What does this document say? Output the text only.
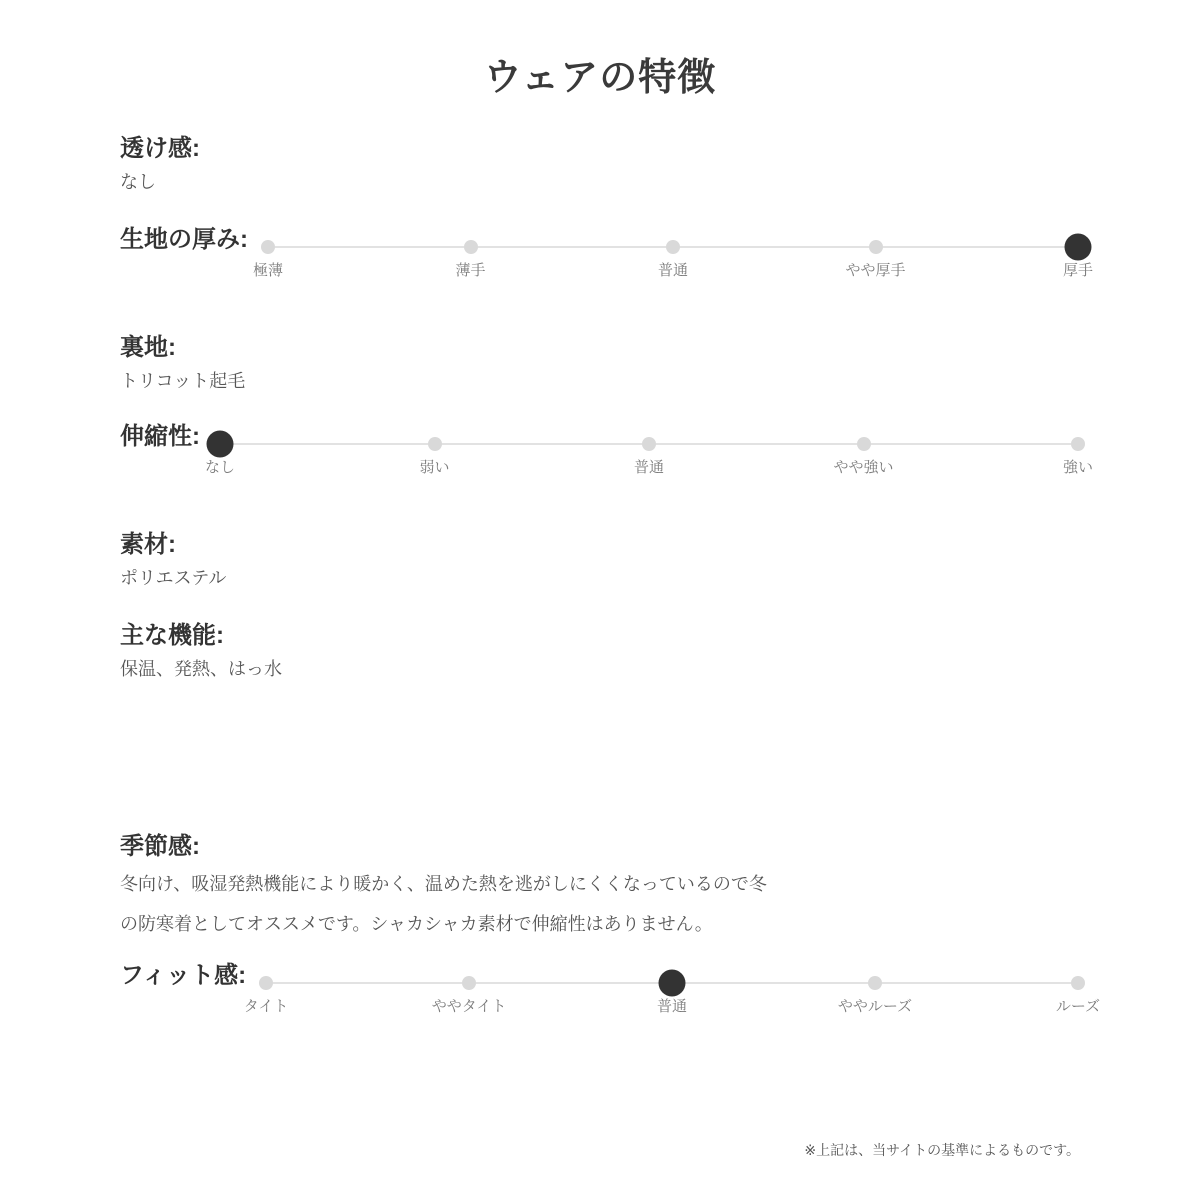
ウェアの特徴
透け感:
なし
生地の厚み:
極薄	薄手	普通	やや厚手	厚手
裏地:
トリコット起毛
伸縮性:
なし	弱い	普通	やや強い	強い
素材:
ポリエステル
主な機能:
保温、発熱、はっ水
季節感:
冬向け、吸湿発熱機能により暖かく、温めた熱を逃がしにくくなっているので冬
の防寒着としてオススメです。シャカシャカ素材で伸縮性はありません。
フィット感:
タイト	ややタイト	普通	ややルーズ	ルーズ
※上記は、当サイトの基準によるものです。
